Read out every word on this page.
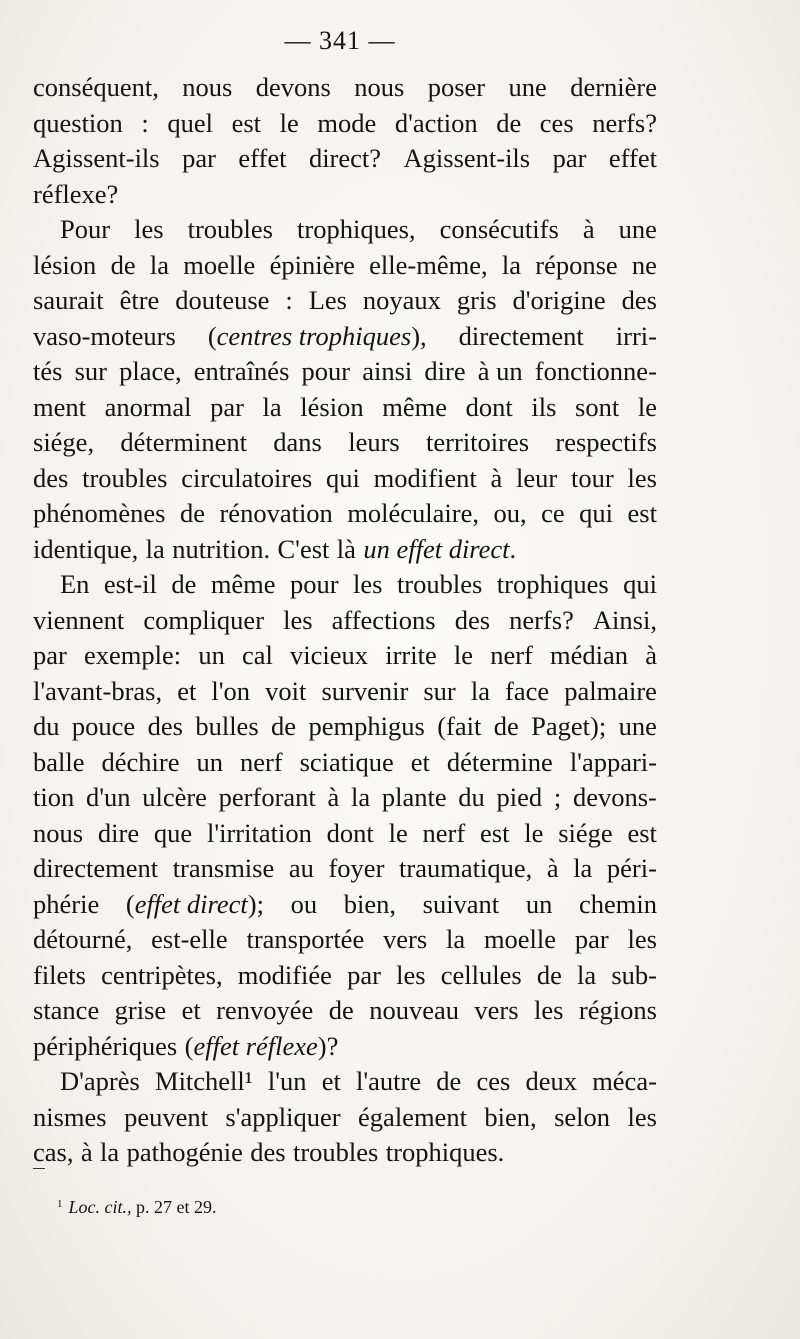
— 341 —
conséquent, nous devons nous poser une dernière
question : quel est le mode d'action de ces nerfs?
Agissent-ils par effet direct? Agissent-ils par effet
réflexe?
Pour les troubles trophiques, consécutifs à une
lésion de la moelle épinière elle-même, la réponse ne
saurait être douteuse : Les noyaux gris d'origine des
vaso-moteurs (centres trophiques), directement irri-
tés sur place, entraînés pour ainsi dire à un fonctionne-
ment anormal par la lésion même dont ils sont le
siége, déterminent dans leurs territoires respectifs
des troubles circulatoires qui modifient à leur tour les
phénomènes de rénovation moléculaire, ou, ce qui est
identique, la nutrition. C'est là un effet direct.
En est-il de même pour les troubles trophiques qui
viennent compliquer les affections des nerfs? Ainsi,
par exemple: un cal vicieux irrite le nerf médian à
l'avant-bras, et l'on voit survenir sur la face palmaire
du pouce des bulles de pemphigus (fait de Paget); une
balle déchire un nerf sciatique et détermine l'appari-
tion d'un ulcère perforant à la plante du pied ; devons-
nous dire que l'irritation dont le nerf est le siége est
directement transmise au foyer traumatique, à la péri-
phérie (effet direct); ou bien, suivant un chemin
détourné, est-elle transportée vers la moelle par les
filets centripètes, modifiée par les cellules de la sub-
stance grise et renvoyée de nouveau vers les régions
périphériques (effet réflexe)?
D'après Mitchell¹ l'un et l'autre de ces deux méca-
nismes peuvent s'appliquer également bien, selon les
cas, à la pathogénie des troubles trophiques.
$^1$ Loc. cit., p. 27 et 29.
